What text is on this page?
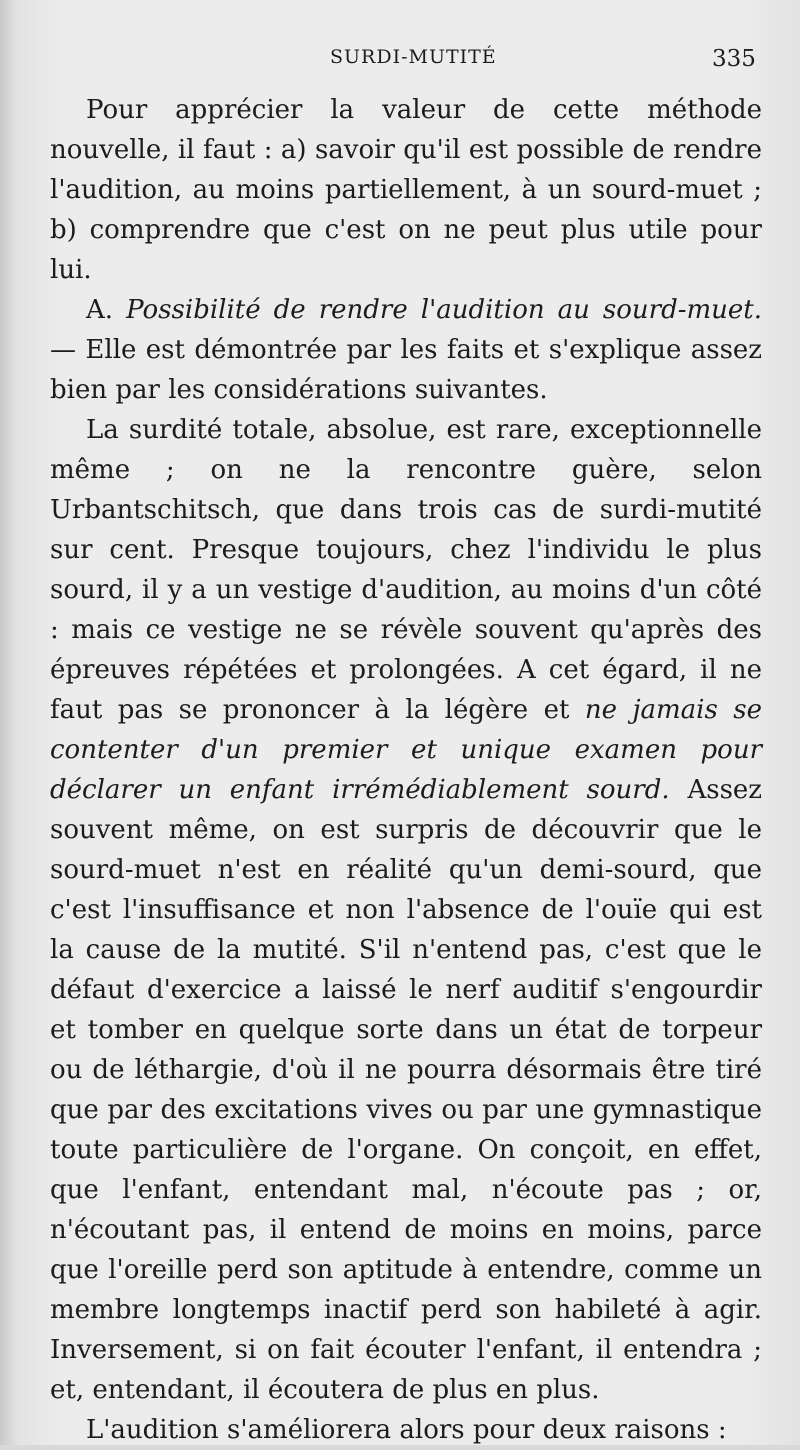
SURDI-MUTITÉ	335

Pour apprécier la valeur de cette méthode nouvelle, il faut : a) savoir qu'il est possible de rendre l'audition, au moins partiellement, à un sourd-muet ; b) comprendre que c'est on ne peut plus utile pour lui.

A. Possibilité de rendre l'audition au sourd-muet. — Elle est démontrée par les faits et s'explique assez bien par les considérations suivantes.

La surdité totale, absolue, est rare, exceptionnelle même ; on ne la rencontre guère, selon Urbantschitsch, que dans trois cas de surdi-mutité sur cent. Presque toujours, chez l'individu le plus sourd, il y a un vestige d'audition, au moins d'un côté : mais ce vestige ne se révèle souvent qu'après des épreuves répétées et prolongées. A cet égard, il ne faut pas se prononcer à la légère et ne jamais se contenter d'un premier et unique examen pour déclarer un enfant irrémédiablement sourd. Assez souvent même, on est surpris de découvrir que le sourd-muet n'est en réalité qu'un demi-sourd, que c'est l'insuffisance et non l'absence de l'ouïe qui est la cause de la mutité. S'il n'entend pas, c'est que le défaut d'exercice a laissé le nerf auditif s'engourdir et tomber en quelque sorte dans un état de torpeur ou de léthargie, d'où il ne pourra désormais être tiré que par des excitations vives ou par une gymnastique toute particulière de l'organe. On conçoit, en effet, que l'enfant, entendant mal, n'écoute pas ; or, n'écoutant pas, il entend de moins en moins, parce que l'oreille perd son aptitude à entendre, comme un membre longtemps inactif perd son habileté à agir. Inversement, si on fait écouter l'enfant, il entendra ; et, entendant, il écoutera de plus en plus.

L'audition s'améliorera alors pour deux raisons :
